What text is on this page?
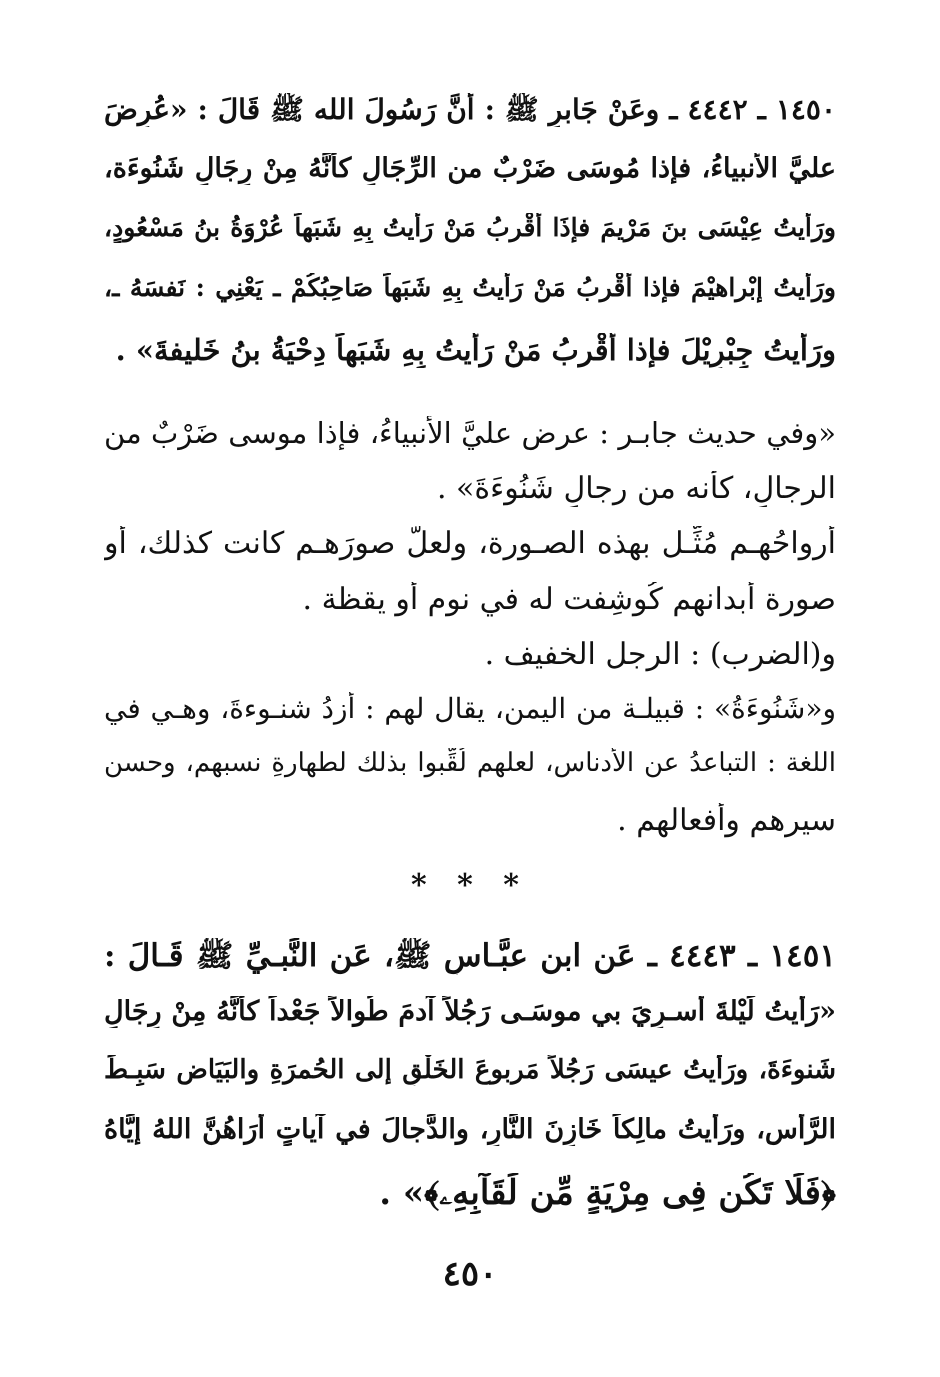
١٤٥٠ ـ ٤٤٤٢ ـ وعَنْ جَابرٍ ﷺ : أنَّ رَسُولَ الله ﷺ قَالَ : «عُرِضَ
عليَّ الأنبياءُ، فإذا مُوسَى ضَرْبٌ من الرِّجَالِ كأنَّهُ مِنْ رِجَالِ شَنُوءَة،
ورَأَيتُ عِيْسَى بنَ مَرْيمَ فإذَا أَقْربُ مَنْ رَأَيتُ بِهِ شَبَهاً عُرْوَةُ بنُ مَسْعُودٍ،
ورَأَيتُ إبْراهيْمَ فإذا أَقْربُ مَنْ رَأَيتُ بِهِ شَبَهاً صَاحِبُكُمْ ـ يَعْنِي : نَفسَهُ ـ،
ورَأَيتُ جِبْرِيْلَ فإذا أَقْربُ مَنْ رَأَيتُ بِهِ شَبَهاً دِحْيَةُ بنُ خَليفةَ» .
«وفي حديث جابـر : عرض عليَّ الأنبياءُ، فإذا موسى ضَرْبٌ من
الرجالِ، كأنه من رجالِ شَنُوءَةَ» .
أرواحُهـم مُثِّـل بهذه الصـورة، ولعلَّ صورَهـم كانت كذلك، أو
صورة أبدانهم كُوشِفت له في نوم أو يقظة .
و(الضرب) : الرجل الخفيف .
و«شَنُوءَةُ» : قبيلـة من اليمن، يقال لهم : أزدُ شنـوءةَ، وهـي في
اللغة : التباعدُ عن الأدناسِ، لعلهم لُقِّبوا بذلك لطهارةِ نسبهم، وحسنِ
سيرهم وأفعالهم .
* * *
١٤٥١ ـ ٤٤٤٣ ـ عَنِ ابنِ عبَّـاسٍ ﷺ، عَنِ النَّبـيِّ ﷺ قَـالَ :
«رَأَيتُ لَيْلةَ أُسـرِيَ بي موسَـى رَجُلاً آدمَ طُوالاً جَعْداً كأنَّهُ مِنْ رِجَالِ
شَنوءَةَ، ورَأَيتُ عيسَى رَجُلاً مَربوعَ الخَلْقِ إلى الحُمرَةِ والبَيَاضِ سَبِـطَ
الرَّأسِ، ورَأَيتُ مالِكاً خَازِنَ النَّارِ، والدَّجالَ في آياتٍ أَرَاهُنَّ اللهُ إيَّاهُ
﴿فَلَا تَكُن فِى مِرْيَةٍ مِّن لِّقَآبِهِۦ﴾» .
٤٥٠
